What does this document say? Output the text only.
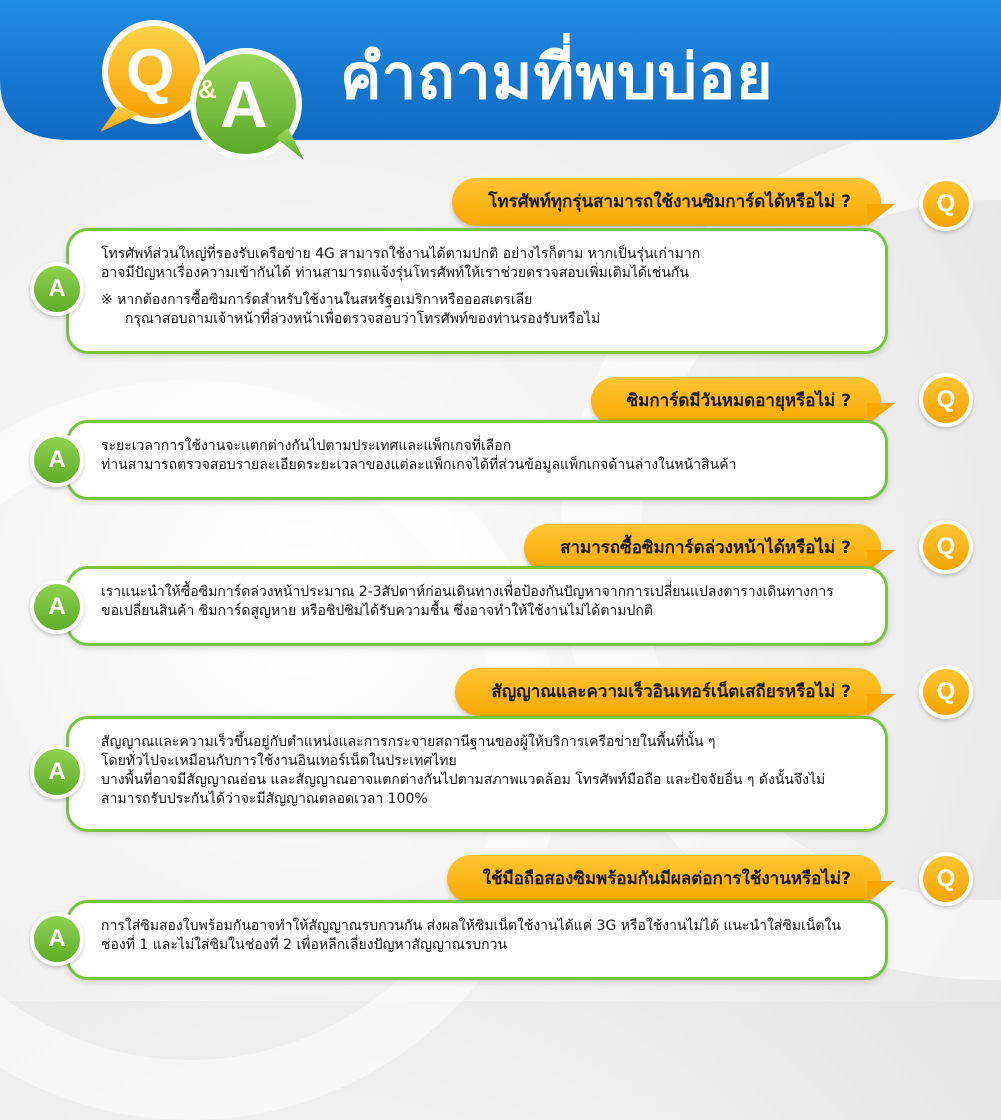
Q & A คำถามที่พบบ่อย
โทรศัพท์ทุกรุ่นสามารถใช้งานซิมการ์ดได้หรือไม่ ?	Q

โทรศัพท์ส่วนใหญ่ที่รองรับเครือข่าย 4G สามารถใช้งานได้ตามปกติ อย่างไรก็ตาม หากเป็นรุ่นเก่ามาก

อาจมีปัญหาเรื่องความเข้ากันได้ ท่านสามารถแจ้งรุ่นโทรศัพท์ให้เราช่วยตรวจสอบเพิ่มเติมได้เช่นกัน

※ หากต้องการซื้อซิมการ์ดสำหรับใช้งานในสหรัฐอเมริกาหรือออสเตรเลีย

กรุณาสอบถามเจ้าหน้าที่ล่วงหน้าเพื่อตรวจสอบว่าโทรศัพท์ของท่านรองรับหรือไม่

A
ซิมการ์ดมีวันหมดอายุหรือไม่ ?	Q

ระยะเวลาการใช้งานจะแตกต่างกันไปตามประเทศและแพ็กเกจที่เลือก

ท่านสามารถตรวจสอบรายละเอียดระยะเวลาของแต่ละแพ็กเกจได้ที่ส่วนข้อมูลแพ็กเกจด้านล่างในหน้าสินค้า

A
สามารถซื้อซิมการ์ดล่วงหน้าได้หรือไม่ ?	Q

เราแนะนำให้ซื้อซิมการ์ดล่วงหน้าประมาณ 2-3สัปดาห์ก่อนเดินทางเพื่อป้องกันปัญหาจากการเปลี่ยนแปลงตารางเดินทางการ

ขอเปลี่ยนสินค้า ซิมการ์ดสูญหาย หรือชิปซิมได้รับความชื้น ซึ่งอาจทำให้ใช้งานไม่ได้ตามปกติ

A
สัญญาณและความเร็วอินเทอร์เน็ตเสถียรหรือไม่ ?	Q

สัญญาณและความเร็วขึ้นอยู่กับตำแหน่งและการกระจายสถานีฐานของผู้ให้บริการเครือข่ายในพื้นที่นั้น ๆ

โดยทั่วไปจะเหมือนกับการใช้งานอินเทอร์เน็ตในประเทศไทย

บางพื้นที่อาจมีสัญญาณอ่อน และสัญญาณอาจแตกต่างกันไปตามสภาพแวดล้อม โทรศัพท์มือถือ และปัจจัยอื่น ๆ ดังนั้นจึงไม่

สามารถรับประกันได้ว่าจะมีสัญญาณตลอดเวลา 100%

A
ใช้มือถือสองซิมพร้อมกันมีผลต่อการใช้งานหรือไม่?	Q

การใส่ซิมสองใบพร้อมกันอาจทำให้สัญญาณรบกวนกัน ส่งผลให้ซิมเน็ตใช้งานได้แค่ 3G หรือใช้งานไม่ได้ แนะนำใส่ซิมเน็ตใน

ช่องที่ 1 และไม่ใส่ซิมในช่องที่ 2 เพื่อหลีกเลี่ยงปัญหาสัญญาณรบกวน

A
